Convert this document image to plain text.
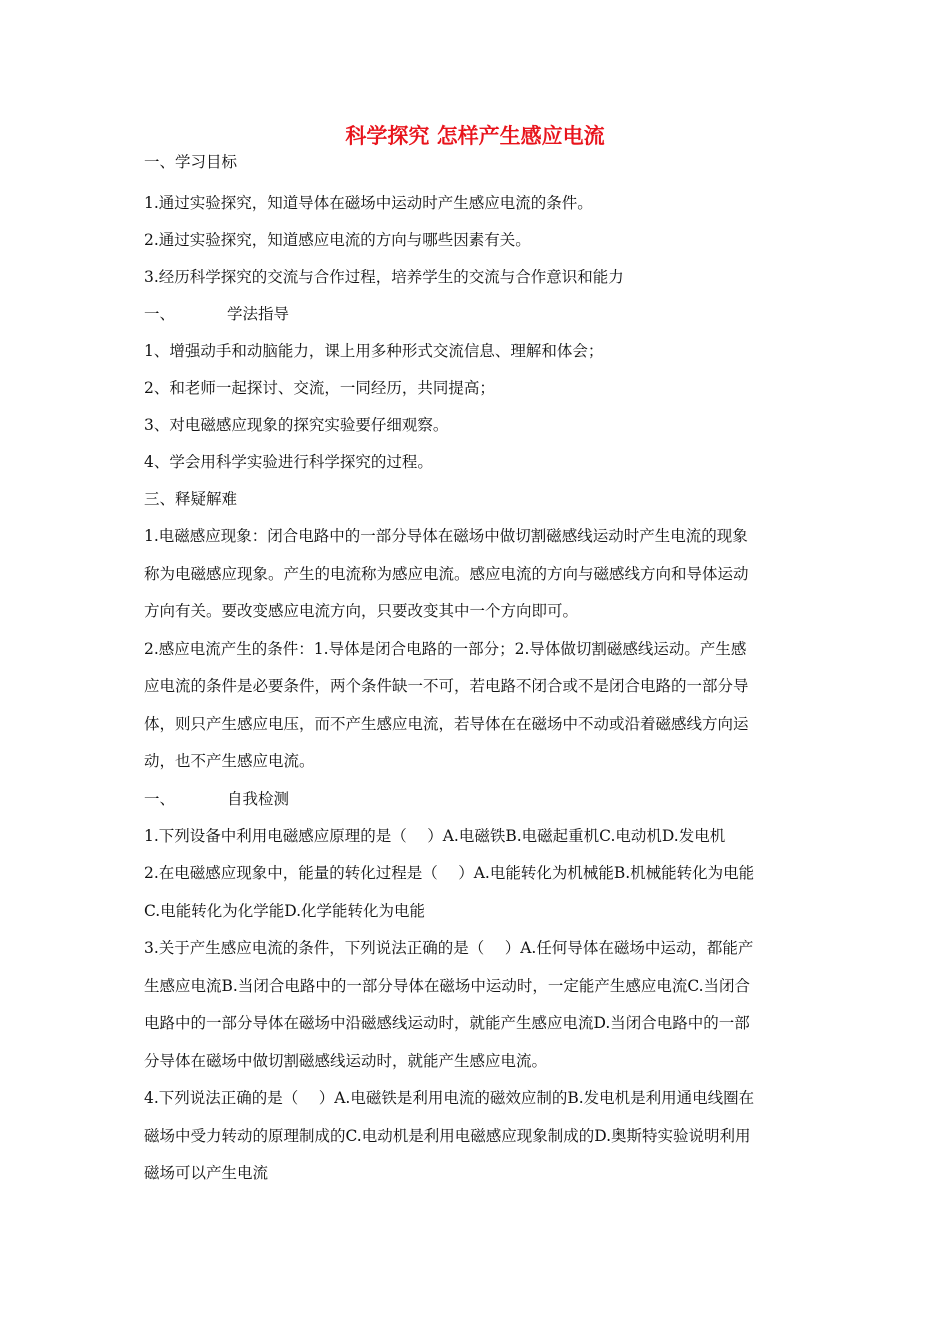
科学探究 怎样产生感应电流
一、学习目标
1.通过实验探究，知道导体在磁场中运动时产生感应电流的条件。
2.通过实验探究，知道感应电流的方向与哪些因素有关。
3.经历科学探究的交流与合作过程，培养学生的交流与合作意识和能力
一、	学法指导
1、增强动手和动脑能力，课上用多种形式交流信息、理解和体会；
2、和老师一起探讨、交流，一同经历，共同提高；
3、对电磁感应现象的探究实验要仔细观察。
4、学会用科学实验进行科学探究的过程。
三、释疑解难
1.电磁感应现象：闭合电路中的一部分导体在磁场中做切割磁感线运动时产生电流的现象
称为电磁感应现象。产生的电流称为感应电流。感应电流的方向与磁感线方向和导体运动
方向有关。要改变感应电流方向，只要改变其中一个方向即可。
2.感应电流产生的条件：1.导体是闭合电路的一部分；2.导体做切割磁感线运动。产生感
应电流的条件是必要条件，两个条件缺一不可，若电路不闭合或不是闭合电路的一部分导
体，则只产生感应电压，而不产生感应电流，若导体在在磁场中不动或沿着磁感线方向运
动，也不产生感应电流。
一、	自我检测
1.下列设备中利用电磁感应原理的是（　 ）A.电磁铁B.电磁起重机C.电动机D.发电机
2.在电磁感应现象中，能量的转化过程是（　 ）A.电能转化为机械能B.机械能转化为电能
C.电能转化为化学能D.化学能转化为电能
3.关于产生感应电流的条件，下列说法正确的是（　 ）A.任何导体在磁场中运动，都能产
生感应电流B.当闭合电路中的一部分导体在磁场中运动时，一定能产生感应电流C.当闭合
电路中的一部分导体在磁场中沿磁感线运动时，就能产生感应电流D.当闭合电路中的一部
分导体在磁场中做切割磁感线运动时，就能产生感应电流。
4.下列说法正确的是（　 ）A.电磁铁是利用电流的磁效应制的B.发电机是利用通电线圈在
磁场中受力转动的原理制成的C.电动机是利用电磁感应现象制成的D.奥斯特实验说明利用
磁场可以产生电流
